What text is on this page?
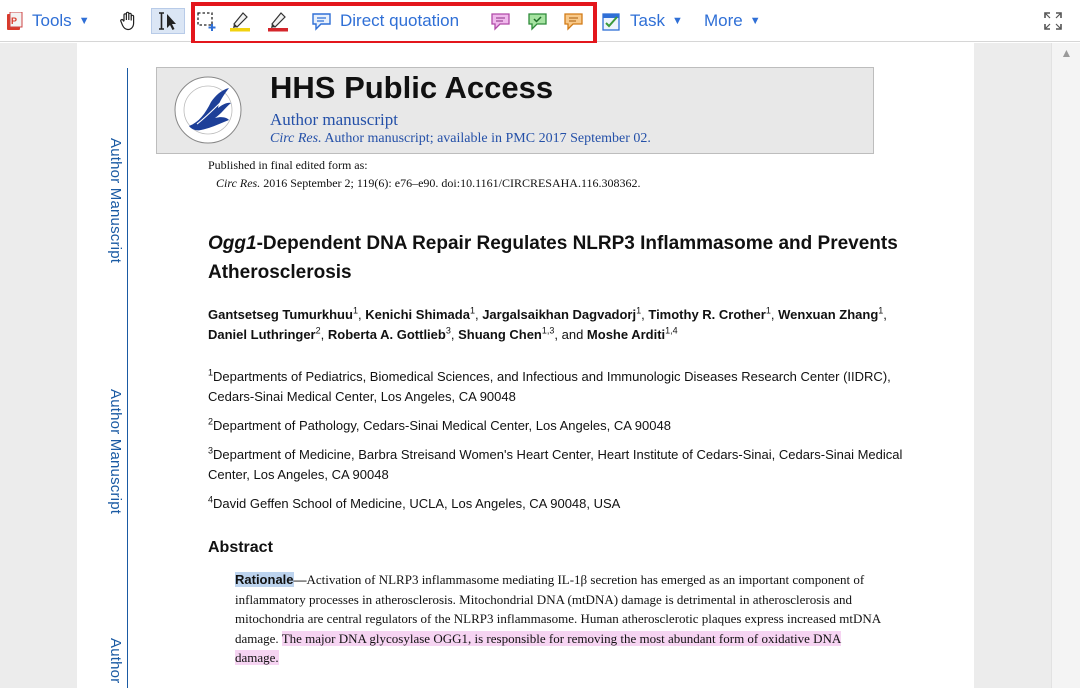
P Tools ▼	Direct quotation	Task ▼ More ▼
Author Manuscript
Author Manuscript
Author
HHS Public Access
Author manuscript
Circ Res. Author manuscript; available in PMC 2017 September 02.
Published in final edited form as:
Circ Res. 2016 September 2; 119(6): e76–e90. doi:10.1161/CIRCRESAHA.116.308362.
Ogg1-Dependent DNA Repair Regulates NLRP3 Inflammasome and Prevents Atherosclerosis
Gantsetseg Tumurkhuu$^1$, Kenichi Shimada$^1$, Jargalsaikhan Dagvadorj$^1$, Timothy R. Crother$^1$, Wenxuan Zhang$^1$, Daniel Luthringer$^2$, Roberta A. Gottlieb$^3$, Shuang Chen$^{1,3}$, and Moshe Arditi$^{1,4}$
$^1$Departments of Pediatrics, Biomedical Sciences, and Infectious and Immunologic Diseases Research Center (IIDRC), Cedars-Sinai Medical Center, Los Angeles, CA 90048
$^2$Department of Pathology, Cedars-Sinai Medical Center, Los Angeles, CA 90048
$^3$Department of Medicine, Barbra Streisand Women's Heart Center, Heart Institute of Cedars-Sinai, Cedars-Sinai Medical Center, Los Angeles, CA 90048
$^4$David Geffen School of Medicine, UCLA, Los Angeles, CA 90048, USA
Abstract
Rationale—Activation of NLRP3 inflammasome mediating IL-1β secretion has emerged as an important component of inflammatory processes in atherosclerosis. Mitochondrial DNA (mtDNA) damage is detrimental in atherosclerosis and mitochondria are central regulators of the NLRP3 inflammasome. Human atherosclerotic plaques express increased mtDNA damage. The major DNA glycosylase OGG1, is responsible for removing the most abundant form of oxidative DNA damage.
▲
